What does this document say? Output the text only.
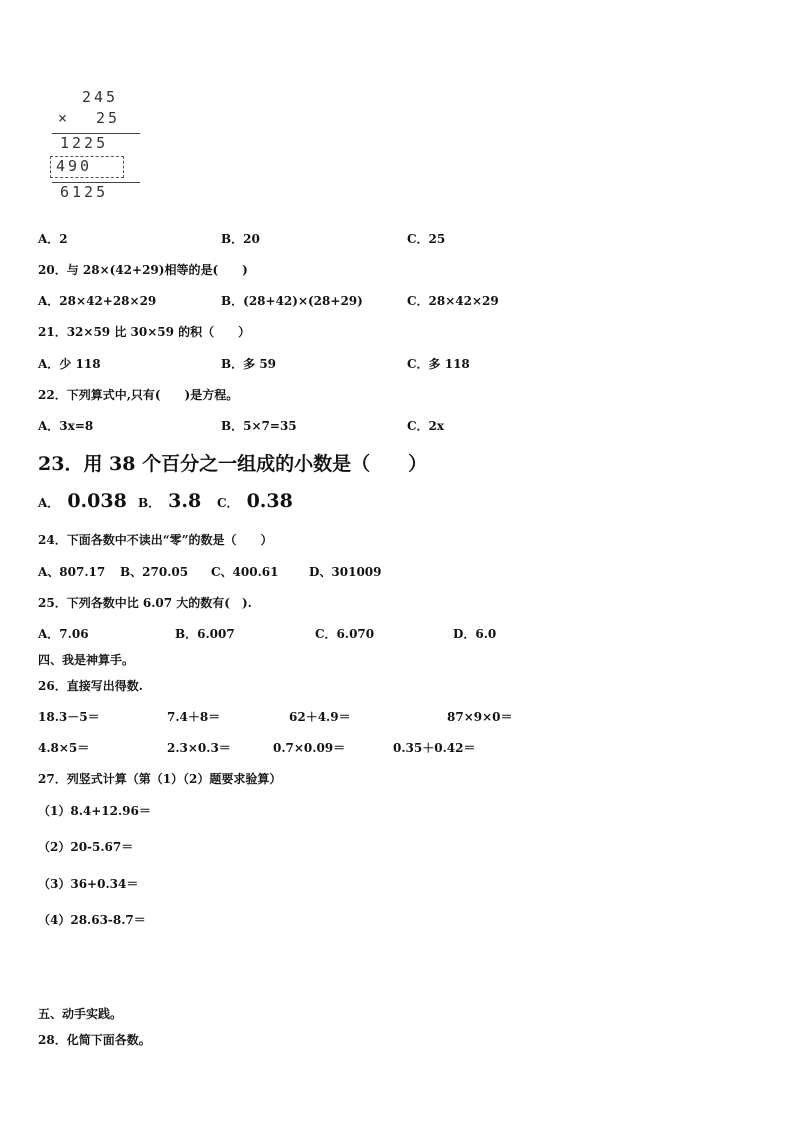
245
× 25
1225
490
6125
A．2	B．20	C．25
20．与 28×(42+29)相等的是(　　)
A．28×42+28×29	B．(28+42)×(28+29)	C．28×42×29
21．32×59 比 30×59 的积（　　）
A．少 118	B．多 59	C．多 118
22．下列算式中,只有(　　)是方程。
A．3x=8	B．5×7=35	C．2x
23．用 38 个百分之一组成的小数是（　　）
A． 0.038 B． 3.8 C． 0.38
24．下面各数中不读出“零”的数是（　　）
A、807.17 B、270.05 C、400.61	D、301009
25．下列各数中比 6.07 大的数有(　).
A．7.06	B．6.007	C．6.070	D．6.0
四、我是神算手。
26．直接写出得数.
18.3－5＝	7.4＋8＝	62＋4.9＝	87×9×0＝
4.8×5＝	2.3×0.3＝	0.7×0.09＝	0.35＋0.42＝
27．列竖式计算（第（1）（2）题要求验算）
（1）8.4+12.96＝
（2）20-5.67＝
（3）36+0.34＝
（4）28.63-8.7＝
五、动手实践。
28．化简下面各数。
